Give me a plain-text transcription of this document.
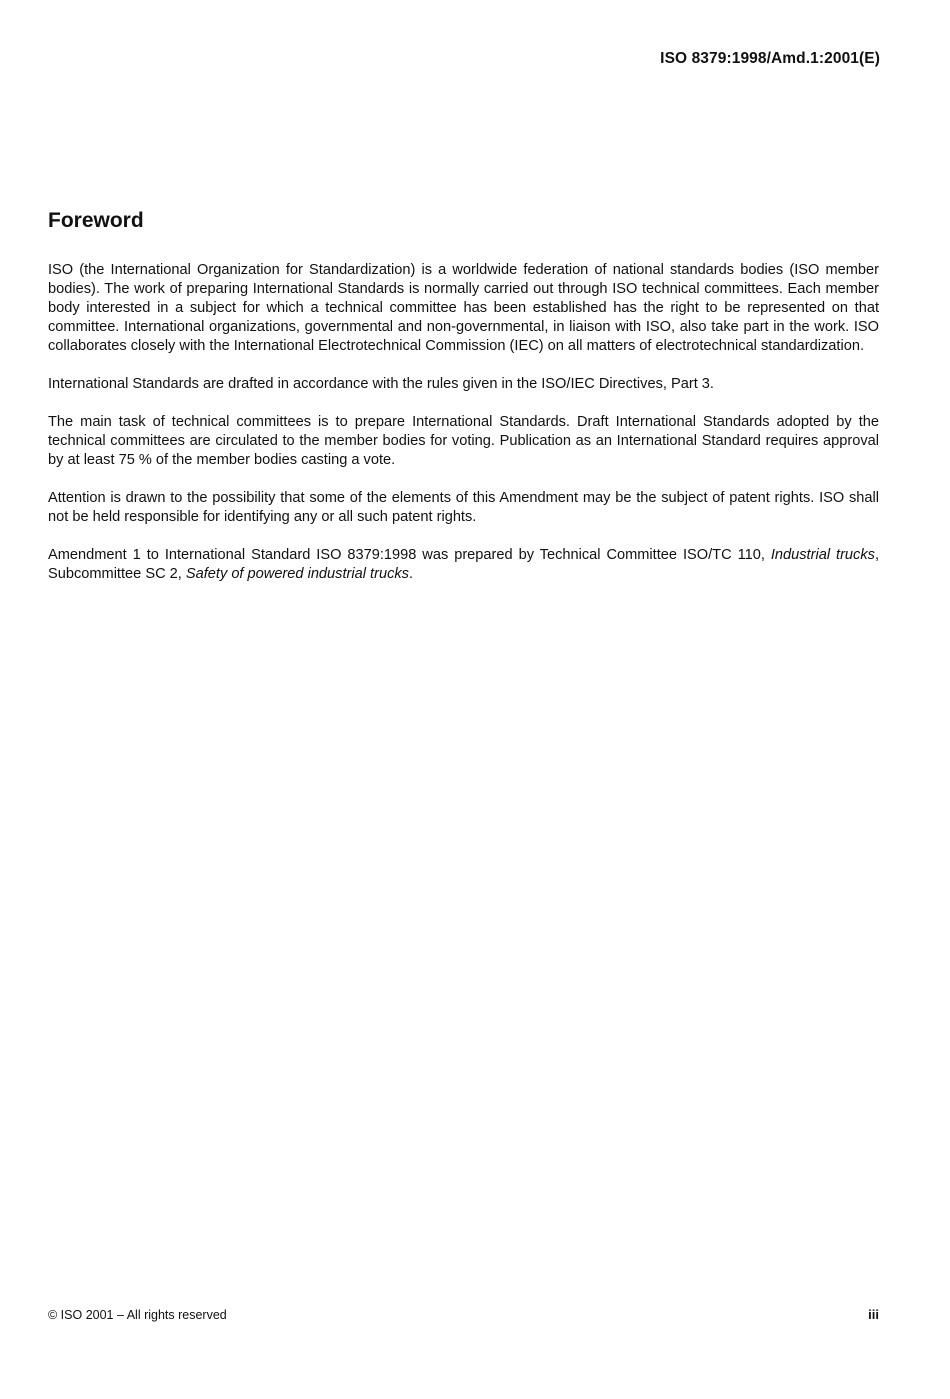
ISO 8379:1998/Amd.1:2001(E)
Foreword

ISO (the International Organization for Standardization) is a worldwide federation of national standards bodies (ISO member bodies). The work of preparing International Standards is normally carried out through ISO technical committees. Each member body interested in a subject for which a technical committee has been established has the right to be represented on that committee. International organizations, governmental and non-governmental, in liaison with ISO, also take part in the work. ISO collaborates closely with the International Electrotechnical Commission (IEC) on all matters of electrotechnical standardization.

International Standards are drafted in accordance with the rules given in the ISO/IEC Directives, Part 3.

The main task of technical committees is to prepare International Standards. Draft International Standards adopted by the technical committees are circulated to the member bodies for voting. Publication as an International Standard requires approval by at least 75 % of the member bodies casting a vote.

Attention is drawn to the possibility that some of the elements of this Amendment may be the subject of patent rights. ISO shall not be held responsible for identifying any or all such patent rights.

Amendment 1 to International Standard ISO 8379:1998 was prepared by Technical Committee ISO/TC 110, Industrial trucks, Subcommittee SC 2, Safety of powered industrial trucks.

© ISO 2001 – All rights reserved	iii
